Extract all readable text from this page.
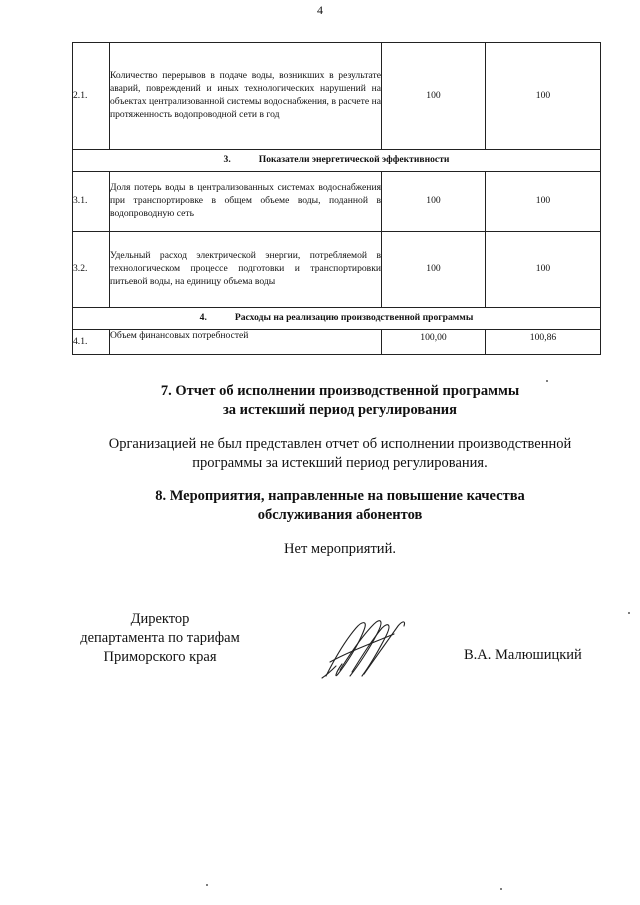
4
2.1.	Количество перерывов в подаче воды, возникших в результате аварий, повреждений и иных технологических нарушений на объектах централизованной системы водоснабжения, в расчете на протяженность водопроводной сети в год	100	100
3. Показатели энергетической эффективности			
3.1.	Доля потерь воды в централизованных системах водоснабжения при транспортировке в общем объеме воды, поданной в водопроводную сеть	100	100
3.2.	Удельный расход электрической энергии, потребляемой в технологическом процессе подготовки и транспортировки питьевой воды, на единицу объема воды	100	100
4. Расходы на реализацию производственной программы			
4.1.	Объем финансовых потребностей	100,00	100,86
7. Отчет об исполнении производственной программы
за истекший период регулирования
Организацией не был представлен отчет об исполнении производственной
программы за истекший период регулирования.
8. Мероприятия, направленные на повышение качества
обслуживания абонентов
Нет мероприятий.
Директор
департамента по тарифам
Приморского края	В.А. Малюшицкий
